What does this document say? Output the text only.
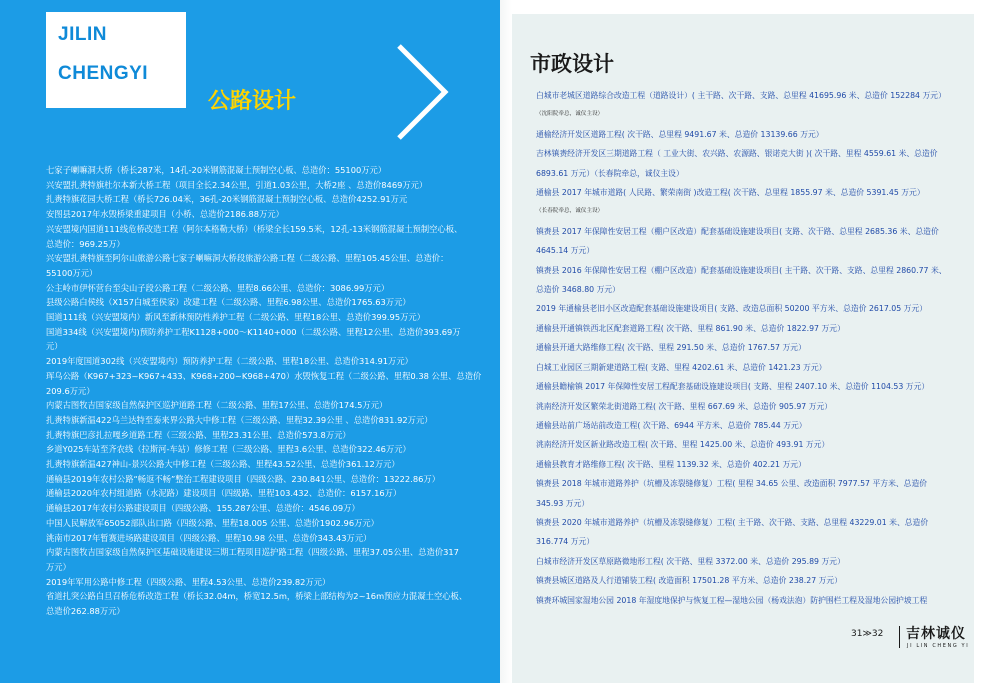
JILIN
CHENGYI
公路设计
七家子喇嘛洞大桥（桥长287米，14孔-20米钢筋混凝土预制空心板、总造价：55100万元）
兴安盟扎赉特旗杜尔本新大桥工程（项目全长2.34公里，引道1.03公里，大桥2座 、总造价8469万元）
扎赉特旗花园大桥工程（桥长726.04米，36孔-20米钢筋混凝土预制空心板、总造价4252.91万元
安图县2017年水毁桥梁重建项目（小桥、总造价2186.88万元）
兴安盟境内国道111线危桥改造工程（阿尔本格勒大桥）（桥梁全长159.5米，12孔-13米钢筋混凝土预制空心板、
总造价：969.25万）
兴安盟扎赉特旗至阿尔山旅游公路七家子喇嘛洞大桥段旅游公路工程（二级公路、里程105.45公里、总造价：
55100万元）
公主岭市伊怀营台至尖山子段公路工程（二级公路、里程8.66公里、总造价：3086.99万元）
县级公路白侯线（X157白城至侯家）改建工程（二级公路、里程6.98公里、总造价1765.63万元）
国道111线（兴安盟境内）新风至新林预防性养护工程（二级公路、里程18公里、总造价399.95万元）
国道334线（兴安盟境内)预防养护工程K1128+000～K1140+000（二级公路、里程12公里、总造价393.69万
元）
2019年度国道302线（兴安盟境内）预防养护工程（二级公路、里程18公里、总造价314.91万元）
珲乌公路（K967+323~K967+433、K968+200~K968+470）水毁恢复工程（二级公路、里程0.38 公里、总造价
209.6万元）
内蒙古图牧吉国家级自然保护区巡护道路工程（二级公路、里程17公里、总造价174.5万元）
扎赉特旗新温422乌兰达特至泰来界公路大中修工程（三级公路、里程32.39公里 、总造价831.92万元）
扎赉特旗巴彦扎拉嘎乡道路工程（三级公路、里程23.31公里、总造价573.8万元）
乡道Y025车站至齐农线（拉斯河-车站）修修工程（三级公路、里程3.6公里、总造价322.46万元）
扎赉特旗新温427神山-景兴公路大中修工程（三级公路、里程43.52公里、总造价361.12万元）
通榆县2019年农村公路“畅返不畅”整治工程建设项目（四级公路、230.841公里、总造价：13222.86万）
通榆县2020年农村组道路（水泥路）建设项目（四级路、里程103.432、总造价：6157.16万）
通榆县2017年农村公路建设项目（四级公路、155.287公里、总造价：4546.09万）
中国人民解放军65052部队出口路（四级公路、里程18.005 公里、总造价1902.96万元）
洮南市2017年暂赛进场路建设项目（四级公路、里程10.98 公里、总造价343.43万元）
内蒙古图牧吉国家级自然保护区基础设施建设三期工程项目巡护路工程（四级公路、里程37.05公里、总造价317
万元）
2019年军用公路中修工程（四级公路、里程4.53公里、总造价239.82万元）
省道扎突公路白旦召桥危桥改造工程（桥长32.04m，桥宽12.5m，桥梁上部结构为2~16m预应力混凝土空心板、
总造价262.88万元）
市政设计
白城市老城区道路综合改造工程（道路设计）( 主干路、次干路、支路、总里程 41695.96 米、总造价 152284 万元）
（沈阳院牵总，诚仪主设）
通榆经济开发区道路工程( 次干路、总里程 9491.67 米、总造价 13139.66 万元）
吉林镇赉经济开发区三期道路工程（ 工业大街、农兴路、农源路、银诺克大街 )( 次干路、里程 4559.61 米、总造价
6893.61 万元）（长春院牵总，诚仪主设）
通榆县 2017 年城市道路( 人民路、繁荣南街 )改造工程( 次干路、总里程 1855.97 米、总造价 5391.45 万元）
（长春院牵总，诚仪主设）
镇赉县 2017 年保障性安居工程（棚户区改造）配套基础设施建设项目( 支路、次干路、总里程 2685.36 米、总造价
4645.14 万元）
镇赉县 2016 年保障性安居工程（棚户区改造）配套基础设施建设项目( 主干路、次干路、支路、总里程 2860.77 米、
总造价 3468.80 万元）
2019 年通榆县老旧小区改造配套基础设施建设项目( 支路、改造总面积 50200 平方米、总造价 2617.05 万元）
通榆县开通镇铁西北区配套道路工程( 次干路、里程 861.90 米、总造价 1822.97 万元）
通榆县开通大路维修工程( 次干路、里程 291.50 米、总造价 1767.57 万元）
白城工业园区三期新建道路工程( 支路、里程 4202.61 米、总造价 1421.23 万元）
通榆县瞻榆镇 2017 年保障性安居工程配套基础设施建设项目( 支路、里程 2407.10 米、总造价 1104.53 万元）
洮南经济开发区繁荣北街道路工程( 次干路、里程 667.69 米、总造价 905.97 万元）
通榆县站前广场站前改造工程( 次干路、6944 平方米、总造价 785.44 万元）
洮南经济开发区新业路改造工程( 次干路、里程 1425.00 米、总造价 493.91 万元）
通榆县教育才路维修工程( 次干路、里程 1139.32 米、总造价 402.21 万元）
镇赉县 2018 年城市道路养护（坑槽及冻裂缝修复）工程( 里程 34.65 公里、改造面积 7977.57 平方米、总造价
345.93 万元）
镇赉县 2020 年城市道路养护（坑槽及冻裂缝修复）工程( 主干路、次干路、支路、总里程 43229.01 米、总造价
316.774 万元）
白城市经济开发区草原路微地形工程( 次干路、里程 3372.00 米、总造价 295.89 万元）
镇赉县城区道路及人行道铺装工程( 改造面积 17501.28 平方米、总造价 238.27 万元）
镇赉环城国家湿地公园 2018 年湿度地保护与恢复工程—湿地公园（杨戏法泡）防护围栏工程及湿地公园护坡工程
31≫32 吉林诚仪
JI LIN CHENG YI
